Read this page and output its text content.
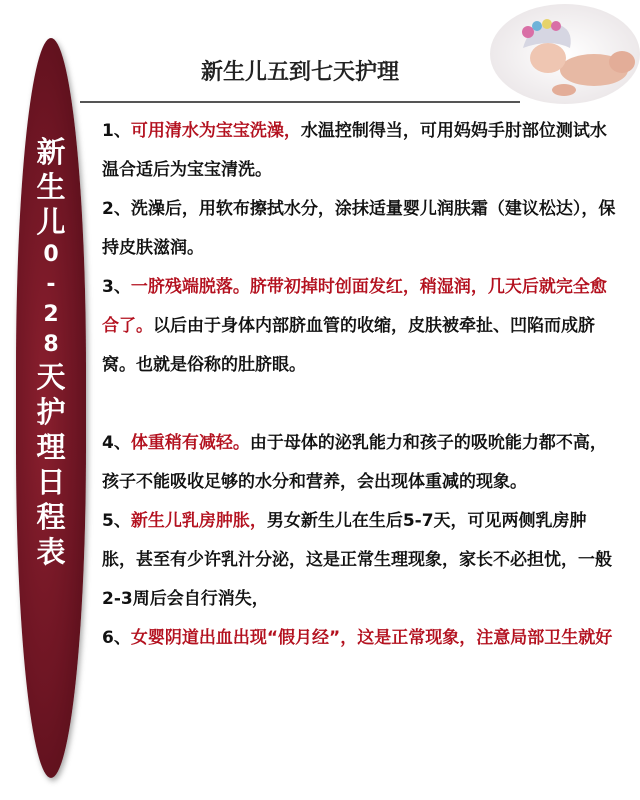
新
生
儿
0
-
2
8
天
护
理
日
程
表
新生儿五到七天护理

1、可用清水为宝宝洗澡，水温控制得当，可用妈妈手肘部位测试水温合适后为宝宝清洗。

2、洗澡后，用软布擦拭水分，涂抹适量婴儿润肤霜（建议松达），保持皮肤滋润。

3、一脐残端脱落。脐带初掉时创面发红，稍湿润，几天后就完全愈合了。以后由于身体内部脐血管的收缩，皮肤被牵扯、凹陷而成脐窝。也就是俗称的肚脐眼。

4、体重稍有减轻。由于母体的泌乳能力和孩子的吸吮能力都不高，孩子不能吸收足够的水分和营养，会出现体重减的现象。

5、新生儿乳房肿胀，男女新生儿在生后5-7天，可见两侧乳房肿胀，甚至有少许乳汁分泌，这是正常生理现象，家长不必担忧，一般2-3周后会自行消失，

6、女婴阴道出血出现“假月经”，这是正常现象，注意局部卫生就好
